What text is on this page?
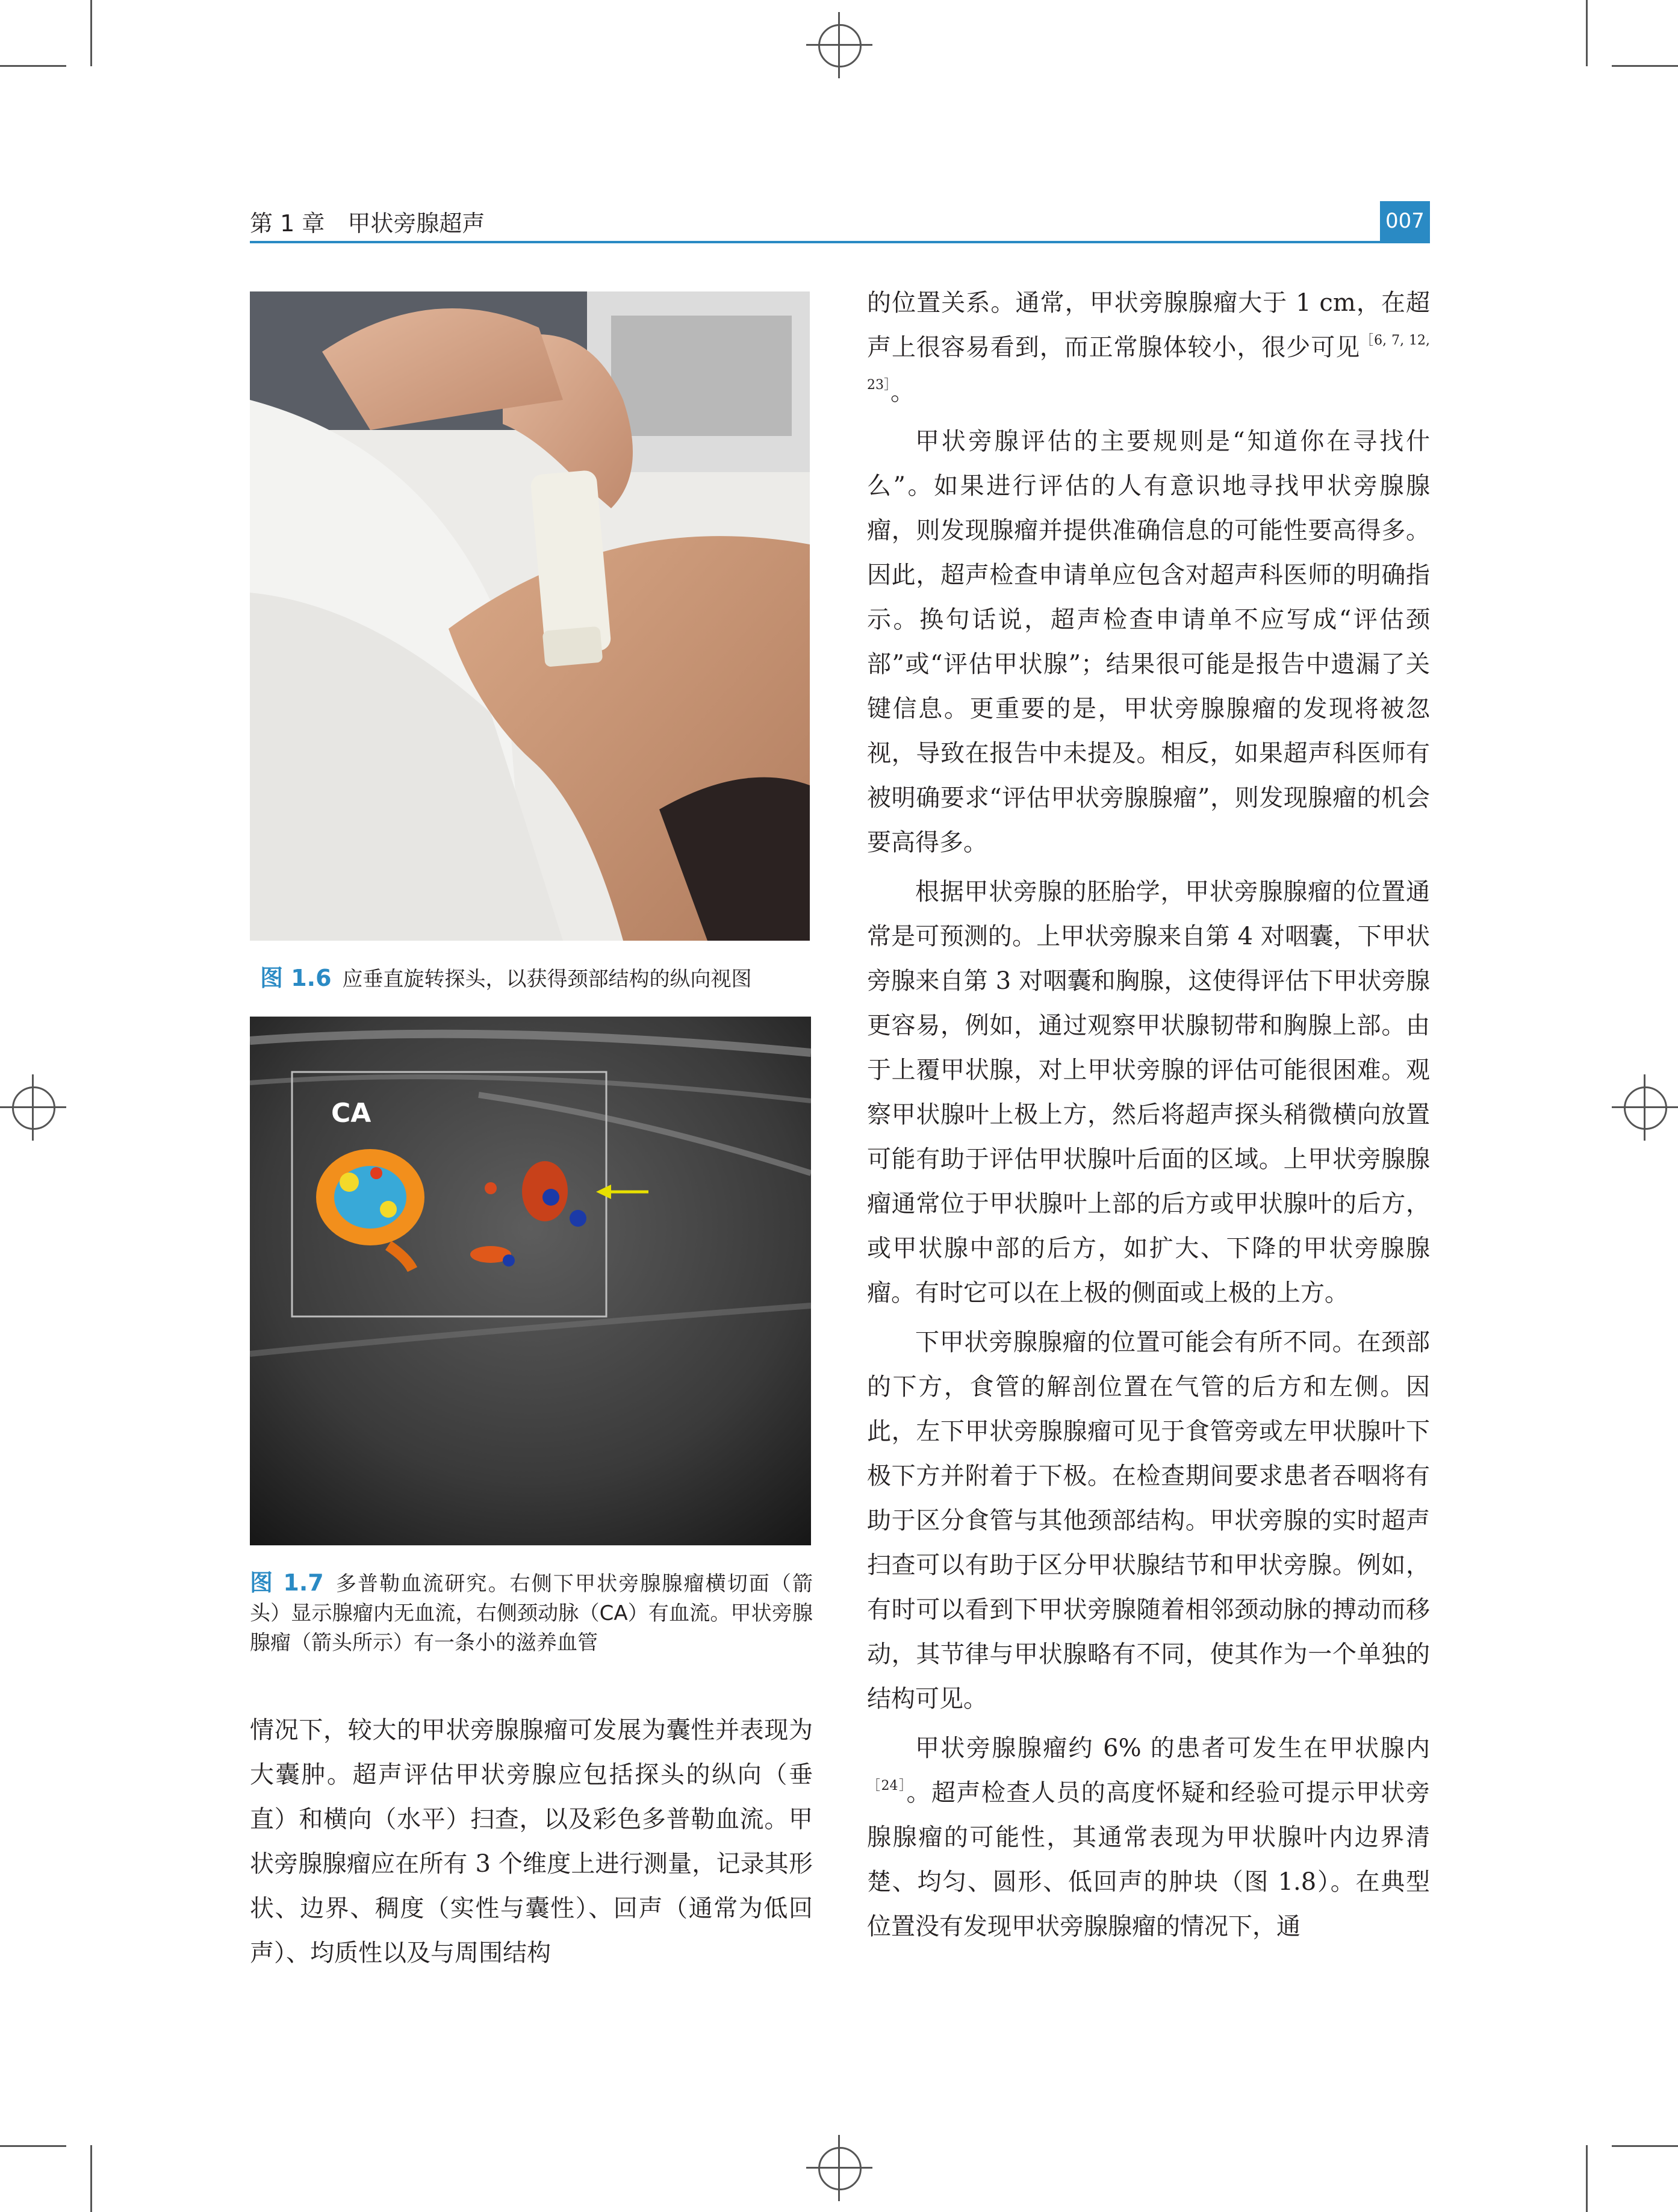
第 1 章　甲状旁腺超声	007
图 1.6 应垂直旋转探头，以获得颈部结构的纵向视图
CA
图 1.7 多普勒血流研究。右侧下甲状旁腺腺瘤横切面（箭头）显示腺瘤内无血流，右侧颈动脉（CA）有血流。甲状旁腺腺瘤（箭头所示）有一条小的滋养血管

情况下，较大的甲状旁腺腺瘤可发展为囊性并表现为大囊肿。超声评估甲状旁腺应包括探头的纵向（垂直）和横向（水平）扫查，以及彩色多普勒血流。甲状旁腺腺瘤应在所有 3 个维度上进行测量，记录其形状、边界、稠度（实性与囊性）、回声（通常为低回声）、均质性以及与周围结构

的位置关系。通常，甲状旁腺腺瘤大于 1 cm，在超声上很容易看到，而正常腺体较小，很少可见$^{[6, 7, 12, 23]}$。

甲状旁腺评估的主要规则是“知道你在寻找什么”。如果进行评估的人有意识地寻找甲状旁腺腺瘤，则发现腺瘤并提供准确信息的可能性要高得多。因此，超声检查申请单应包含对超声科医师的明确指示。换句话说，超声检查申请单不应写成“评估颈部”或“评估甲状腺”；结果很可能是报告中遗漏了关键信息。更重要的是，甲状旁腺腺瘤的发现将被忽视，导致在报告中未提及。相反，如果超声科医师有被明确要求“评估甲状旁腺腺瘤”，则发现腺瘤的机会要高得多。

根据甲状旁腺的胚胎学，甲状旁腺腺瘤的位置通常是可预测的。上甲状旁腺来自第 4 对咽囊，下甲状旁腺来自第 3 对咽囊和胸腺，这使得评估下甲状旁腺更容易，例如，通过观察甲状腺韧带和胸腺上部。由于上覆甲状腺，对上甲状旁腺的评估可能很困难。观察甲状腺叶上极上方，然后将超声探头稍微横向放置可能有助于评估甲状腺叶后面的区域。上甲状旁腺腺瘤通常位于甲状腺叶上部的后方或甲状腺叶的后方，或甲状腺中部的后方，如扩大、下降的甲状旁腺腺瘤。有时它可以在上极的侧面或上极的上方。

下甲状旁腺腺瘤的位置可能会有所不同。在颈部的下方，食管的解剖位置在气管的后方和左侧。因此，左下甲状旁腺腺瘤可见于食管旁或左甲状腺叶下极下方并附着于下极。在检查期间要求患者吞咽将有助于区分食管与其他颈部结构。甲状旁腺的实时超声扫查可以有助于区分甲状腺结节和甲状旁腺。例如，有时可以看到下甲状旁腺随着相邻颈动脉的搏动而移动，其节律与甲状腺略有不同，使其作为一个单独的结构可见。

甲状旁腺腺瘤约 6% 的患者可发生在甲状腺内$^{[24]}$。超声检查人员的高度怀疑和经验可提示甲状旁腺腺瘤的可能性，其通常表现为甲状腺叶内边界清楚、均匀、圆形、低回声的肿块（图 1.8）。在典型位置没有发现甲状旁腺腺瘤的情况下，通
